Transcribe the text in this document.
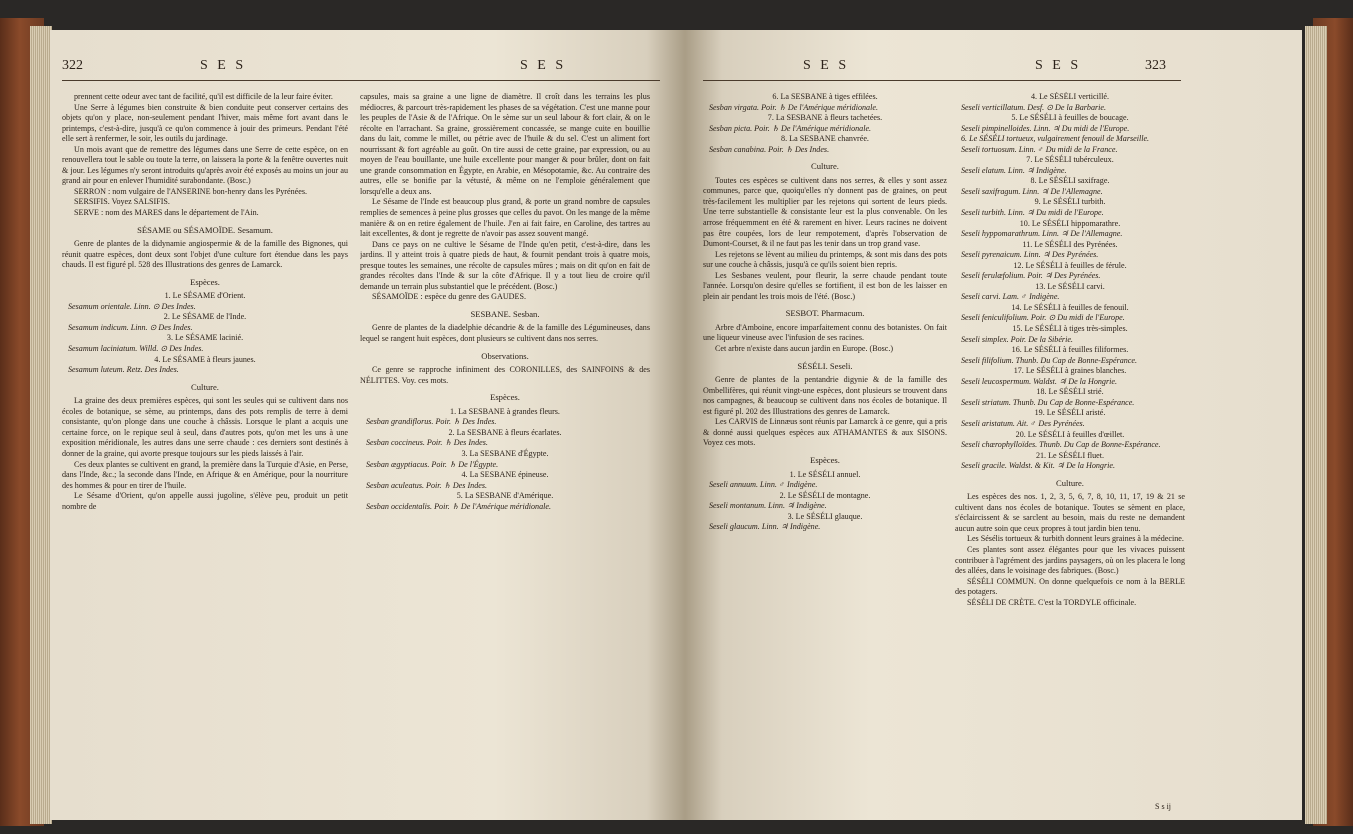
322	S E S	S E S

prennent cette odeur avec tant de facilité, qu'il est difficile de la leur faire éviter.

Une Serre à légumes bien construite & bien conduite peut conserver certains des objets qu'on y place, non-seulement pendant l'hiver, mais même fort avant dans le printemps, c'est-à-dire, jusqu'à ce qu'on commence à jouir des primeurs. Pendant l'été elle sert à renfermer, le soir, les outils du jardinage.

Un mois avant que de remettre des légumes dans une Serre de cette espèce, on en renouvellera tout le sable ou toute la terre, on laissera la porte & la fenêtre ouvertes nuit & jour. Les légumes n'y seront introduits qu'après avoir été exposés au moins un jour au grand air pour en enlever l'humidité surabondante. (Bosc.)

SERRON : nom vulgaire de l'ANSERINE bon-henry dans les Pyrénées.

SERSIFIS. Voyez SALSIFIS.

SERVE : nom des MARES dans le département de l'Ain.

SÉSAME ou SÉSAMOÏDE. Sesamum.

Genre de plantes de la didynamie angiospermie & de la famille des Bignones, qui réunit quatre espèces, dont deux sont l'objet d'une culture fort étendue dans les pays chauds. Il est figuré pl. 528 des Illustrations des genres de Lamarck.

Espèces.

1. Le SÉSAME d'Orient.

Sesamum orientale. Linn. ⊙ Des Indes.

2. Le SÉSAME de l'Inde.

Sesamum indicum. Linn. ⊙ Des Indes.

3. Le SÉSAME lacinié.

Sesamum laciniatum. Willd. ⊙ Des Indes.

4. Le SÉSAME à fleurs jaunes.

Sesamum luteum. Retz. Des Indes.

Culture.

La graine des deux premières espèces, qui sont les seules qui se cultivent dans nos écoles de botanique, se sème, au printemps, dans des pots remplis de terre à demi consistante, qu'on plonge dans une couche à châssis. Lorsque le plant a acquis une certaine force, on le repique seul à seul, dans d'autres pots, qu'on met les uns à une exposition méridionale, les autres dans une serre chaude : ces derniers sont destinés à donner de la graine, qui avorte presque toujours sur les pieds laissés à l'air.

Ces deux plantes se cultivent en grand, la première dans la Turquie d'Asie, en Perse, dans l'Inde, &c.; la seconde dans l'Inde, en Afrique & en Amérique, pour la nourriture des hommes & pour en tirer de l'huile.

Le Sésame d'Orient, qu'on appelle aussi jugoline, s'élève peu, produit un petit nombre de

capsules, mais sa graine a une ligne de diamètre. Il croît dans les terrains les plus médiocres, & parcourt très-rapidement les phases de sa végétation. C'est une manne pour les peuples de l'Asie & de l'Afrique. On le sème sur un seul labour & fort clair, & on le récolte en l'arrachant. Sa graine, grossièrement concassée, se mange cuite en bouillie dans du lait, comme le millet, ou pétrie avec de l'huile & du sel. C'est un aliment fort nourrissant & fort agréable au goût. On tire aussi de cette graine, par expression, ou au moyen de l'eau bouillante, une huile excellente pour manger & pour brûler, dont on fait une grande consommation en Égypte, en Arabie, en Mésopotamie, &c. Au contraire des autres, elle se bonifie par la vétusté, & même on ne l'emploie généralement que lorsqu'elle a deux ans.

Le Sésame de l'Inde est beaucoup plus grand, & porte un grand nombre de capsules remplies de semences à peine plus grosses que celles du pavot. On les mange de la même manière & on en retire également de l'huile. J'en ai fait faire, en Caroline, des tartres au lait excellentes, & dont je regrette de n'avoir pas assez souvent mangé.

Dans ce pays on ne cultive le Sésame de l'Inde qu'en petit, c'est-à-dire, dans les jardins. Il y atteint trois à quatre pieds de haut, & fournit pendant trois à quatre mois, presque toutes les semaines, une récolte de capsules mûres ; mais on dit qu'on en fait de grandes récoltes dans l'Inde & sur la côte d'Afrique. Il y a tout lieu de croire qu'il demande un terrain plus substantiel que le précédent. (Bosc.)

SÉSAMOÏDE : espèce du genre des GAUDES.

SESBANE. Sesban.

Genre de plantes de la diadelphie décandrie & de la famille des Légumineuses, dans lequel se rangent huit espèces, dont plusieurs se cultivent dans nos serres.

Observations.

Ce genre se rapproche infiniment des CORONILLES, des SAINFOINS & des NÉLITTES. Voy. ces mots.

Espèces.

1. La SESBANE à grandes fleurs.

Sesban grandiflorus. Poir. ♄ Des Indes.

2. La SESBANE à fleurs écarlates.

Sesban coccineus. Poir. ♄ Des Indes.

3. La SESBANE d'Égypte.

Sesban ægyptiacus. Poir. ♄ De l'Égypte.

4. La SESBANE épineuse.

Sesban aculeatus. Poir. ♄ Des Indes.

5. La SESBANE d'Amérique.

Sesban occidentalis. Poir. ♄ De l'Amérique méridionale.

S E S	S E S	323

6. La SESBANE à tiges effilées.

Sesban virgata. Poir. ♄ De l'Amérique méridionale.

7. La SESBANE à fleurs tachetées.

Sesban picta. Poir. ♄ De l'Amérique méridionale.

8. La SESBANE chanvrée.

Sesban canabina. Poir. ♄ Des Indes.

Culture.

Toutes ces espèces se cultivent dans nos serres, & elles y sont assez communes, parce que, quoiqu'elles n'y donnent pas de graines, on peut très-facilement les multiplier par les rejetons qui sortent de leurs pieds. Une terre substantielle & consistante leur est la plus convenable. On les arrose fréquemment en été & rarement en hiver. Leurs racines ne doivent pas être coupées, lors de leur rempotement, d'après l'observation de Dumont-Courset, & il ne faut pas les tenir dans un trop grand vase.

Les rejetons se lèvent au milieu du printemps, & sont mis dans des pots sur une couche à châssis, jusqu'à ce qu'ils soient bien repris.

Les Sesbanes veulent, pour fleurir, la serre chaude pendant toute l'année. Lorsqu'on desire qu'elles se fortifient, il est bon de les laisser en plein air pendant les trois mois de l'été. (Bosc.)

SESBOT. Pharmacum.

Arbre d'Amboine, encore imparfaitement connu des botanistes. On fait une liqueur vineuse avec l'infusion de ses racines.

Cet arbre n'existe dans aucun jardin en Europe. (Bosc.)

SÉSÉLI. Seseli.

Genre de plantes de la pentandrie digynie & de la famille des Ombellifères, qui réunit vingt-une espèces, dont plusieurs se trouvent dans nos campagnes, & beaucoup se cultivent dans nos écoles de botanique. Il est figuré pl. 202 des Illustrations des genres de Lamarck.

Les CARVIS de Linnæus sont réunis par Lamarck à ce genre, qui a pris & donné aussi quelques espèces aux ATHAMANTES & aux SISONS. Voyez ces mots.

Espèces.

1. Le SÉSÉLI annuel.

Seseli annuum. Linn. ♂ Indigène.

2. Le SÉSÉLI de montagne.

Seseli montanum. Linn. ♃ Indigène.

3. Le SÉSÉLI glauque.

Seseli glaucum. Linn. ♃ Indigène.

4. Le SÉSÉLI verticillé.

Seseli verticillatum. Desf. ⊙ De la Barbarie.

5. Le SÉSÉLI à feuilles de boucage.

Seseli pimpinelloides. Linn. ♃ Du midi de l'Europe.

6. Le SÉSÉLI tortueux, vulgairement fenouil de Marseille.

Seseli tortuosum. Linn. ♂ Du midi de la France.

7. Le SÉSÉLI tubérculeux.

Seseli elatum. Linn. ♃ Indigène.

8. Le SÉSÉLI saxifrage.

Seseli saxifragum. Linn. ♃ De l'Allemagne.

9. Le SÉSÉLI turbith.

Seseli turbith. Linn. ♃ Du midi de l'Europe.

10. Le SÉSÉLI hippomarathre.

Seseli hyppomarathrum. Linn. ♃ De l'Allemagne.

11. Le SÉSÉLI des Pyrénées.

Seseli pyrenaicum. Linn. ♃ Des Pyrénées.

12. Le SÉSÉLI à feuilles de férule.

Seseli ferulæfolium. Poir. ♃ Des Pyrénées.

13. Le SÉSÉLI carvi.

Seseli carvi. Lam. ♂ Indigène.

14. Le SÉSÉLI à feuilles de fenouil.

Seseli feniculifolium. Poir. ⊙ Du midi de l'Europe.

15. Le SÉSÉLI à tiges très-simples.

Seseli simplex. Poir. De la Sibérie.

16. Le SÉSÉLI à feuilles filiformes.

Seseli filifolium. Thunb. Du Cap de Bonne-Espérance.

17. Le SÉSÉLI à graines blanches.

Seseli leucospermum. Waldst. ♃ De la Hongrie.

18. Le SÉSÉLI strié.

Seseli striatum. Thunb. Du Cap de Bonne-Espérance.

19. Le SÉSÉLI aristé.

Seseli aristatum. Ait. ♂ Des Pyrénées.

20. Le SÉSÉLI à feuilles d'œillet.

Seseli chærophylloïdes. Thunb. Du Cap de Bonne-Espérance.

21. Le SÉSÉLI fluet.

Seseli gracile. Waldst. & Kit. ♃ De la Hongrie.

Culture.

Les espèces des nos. 1, 2, 3, 5, 6, 7, 8, 10, 11, 17, 19 & 21 se cultivent dans nos écoles de botanique. Toutes se sèment en place, s'éclaircissent & se sarclent au besoin, mais du reste ne demandent aucun autre soin que ceux propres à tout jardin bien tenu.

Les Sésélis tortueux & turbith donnent leurs graines à la médecine.

Ces plantes sont assez élégantes pour que les vivaces puissent contribuer à l'agrément des jardins paysagers, où on les placera le long des allées, dans le voisinage des fabriques. (Bosc.)

SÉSÉLI COMMUN. On donne quelquefois ce nom à la BERLE des potagers.

SÉSÉLI DE CRÈTE. C'est la TORDYLE officinale.

S s ij
